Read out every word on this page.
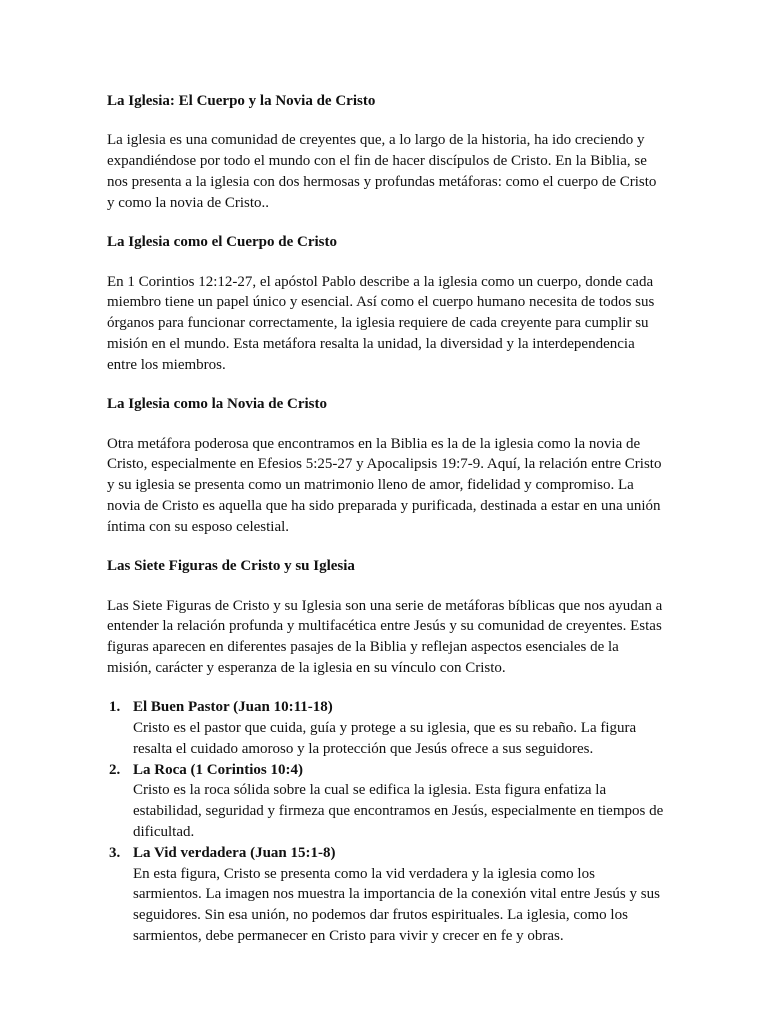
La Iglesia: El Cuerpo y la Novia de Cristo

La iglesia es una comunidad de creyentes que, a lo largo de la historia, ha ido creciendo y expandiéndose por todo el mundo con el fin de hacer discípulos de Cristo. En la Biblia, se nos presenta a la iglesia con dos hermosas y profundas metáforas: como el cuerpo de Cristo y como la novia de Cristo..

La Iglesia como el Cuerpo de Cristo

En 1 Corintios 12:12-27, el apóstol Pablo describe a la iglesia como un cuerpo, donde cada miembro tiene un papel único y esencial. Así como el cuerpo humano necesita de todos sus órganos para funcionar correctamente, la iglesia requiere de cada creyente para cumplir su misión en el mundo. Esta metáfora resalta la unidad, la diversidad y la interdependencia entre los miembros.

La Iglesia como la Novia de Cristo

Otra metáfora poderosa que encontramos en la Biblia es la de la iglesia como la novia de Cristo, especialmente en Efesios 5:25-27 y Apocalipsis 19:7-9. Aquí, la relación entre Cristo y su iglesia se presenta como un matrimonio lleno de amor, fidelidad y compromiso. La novia de Cristo es aquella que ha sido preparada y purificada, destinada a estar en una unión íntima con su esposo celestial.

Las Siete Figuras de Cristo y su Iglesia

Las Siete Figuras de Cristo y su Iglesia son una serie de metáforas bíblicas que nos ayudan a entender la relación profunda y multifacética entre Jesús y su comunidad de creyentes. Estas figuras aparecen en diferentes pasajes de la Biblia y reflejan aspectos esenciales de la misión, carácter y esperanza de la iglesia en su vínculo con Cristo.

1. El Buen Pastor (Juan 10:11-18)
Cristo es el pastor que cuida, guía y protege a su iglesia, que es su rebaño. La figura resalta el cuidado amoroso y la protección que Jesús ofrece a sus seguidores.
2. La Roca (1 Corintios 10:4)
Cristo es la roca sólida sobre la cual se edifica la iglesia. Esta figura enfatiza la estabilidad, seguridad y firmeza que encontramos en Jesús, especialmente en tiempos de dificultad.
3. La Vid verdadera (Juan 15:1-8)
En esta figura, Cristo se presenta como la vid verdadera y la iglesia como los sarmientos. La imagen nos muestra la importancia de la conexión vital entre Jesús y sus seguidores. Sin esa unión, no podemos dar frutos espirituales. La iglesia, como los sarmientos, debe permanecer en Cristo para vivir y crecer en fe y obras.
